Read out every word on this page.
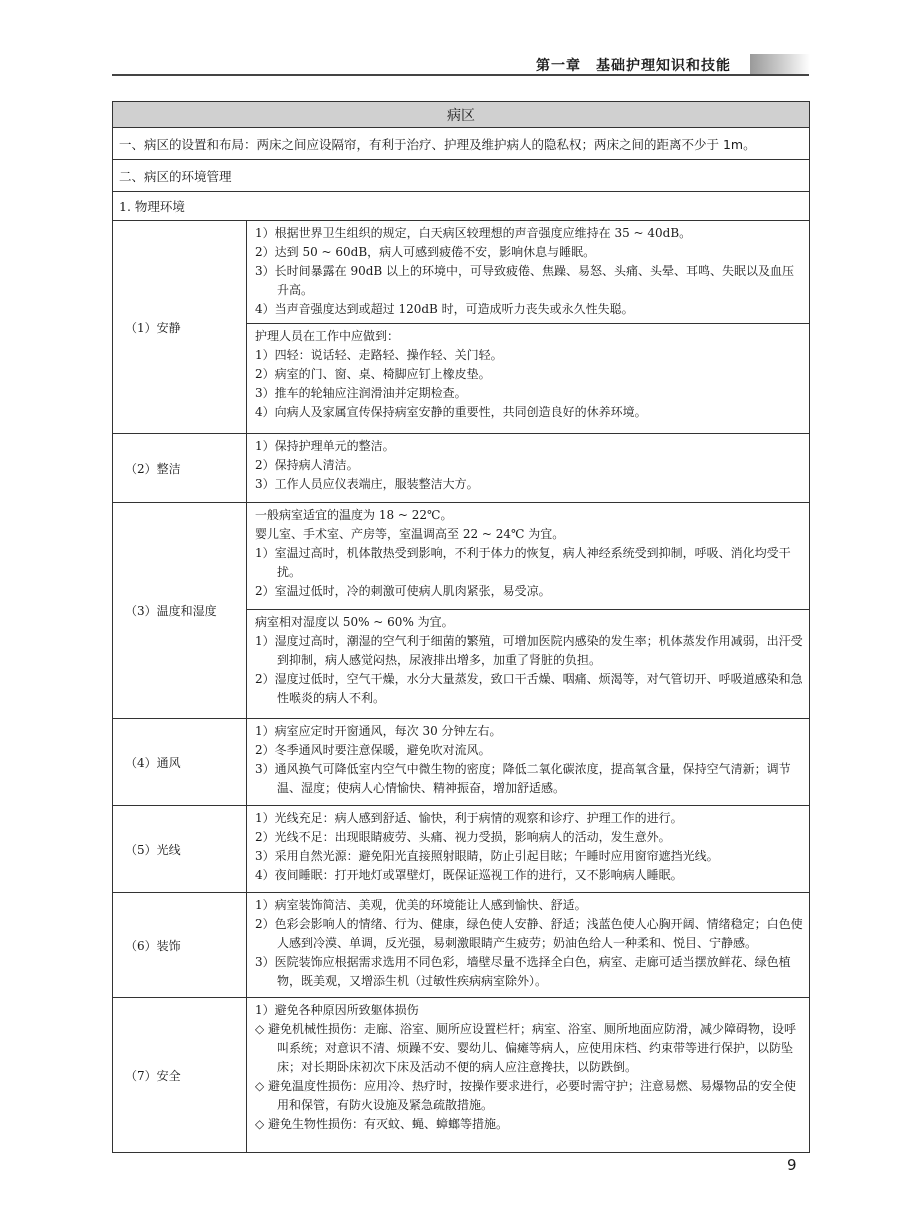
第一章　基础护理知识和技能
病区	
一、病区的设置和布局：两床之间应设隔帘，有利于治疗、护理及维护病人的隐私权；两床之间的距离不少于 1m。	
二、病区的环境管理	
1. 物理环境	
（1）安静	1）根据世界卫生组织的规定，白天病区较理想的声音强度应维持在 35 ~ 40dB。
2）达到 50 ~ 60dB，病人可感到疲倦不安，影响休息与睡眠。
3）长时间暴露在 90dB 以上的环境中，可导致疲倦、焦躁、易怒、头痛、头晕、耳鸣、失眠以及血压升高。
4）当声音强度达到或超过 120dB 时，可造成听力丧失或永久性失聪。

	护理人员在工作中应做到：
1）四轻：说话轻、走路轻、操作轻、关门轻。
2）病室的门、窗、桌、椅脚应钉上橡皮垫。
3）推车的轮轴应注润滑油并定期检查。
4）向病人及家属宣传保持病室安静的重要性，共同创造良好的休养环境。

（2）整洁	1）保持护理单元的整洁。
2）保持病人清洁。
3）工作人员应仪表端庄，服装整洁大方。

（3）温度和湿度	一般病室适宜的温度为 18 ~ 22℃。
婴儿室、手术室、产房等，室温调高至 22 ~ 24℃ 为宜。
1）室温过高时，机体散热受到影响，不利于体力的恢复，病人神经系统受到抑制，呼吸、消化均受干扰。
2）室温过低时，冷的刺激可使病人肌肉紧张，易受凉。

	病室相对湿度以 50% ~ 60% 为宜。
1）湿度过高时，潮湿的空气利于细菌的繁殖，可增加医院内感染的发生率；机体蒸发作用减弱，出汗受到抑制，病人感觉闷热，尿液排出增多，加重了肾脏的负担。
2）湿度过低时，空气干燥，水分大量蒸发，致口干舌燥、咽痛、烦渴等，对气管切开、呼吸道感染和急性喉炎的病人不利。

（4）通风	1）病室应定时开窗通风，每次 30 分钟左右。
2）冬季通风时要注意保暖，避免吹对流风。
3）通风换气可降低室内空气中微生物的密度；降低二氧化碳浓度，提高氧含量，保持空气清新；调节温、湿度；使病人心情愉快、精神振奋，增加舒适感。

（5）光线	1）光线充足：病人感到舒适、愉快，利于病情的观察和诊疗、护理工作的进行。
2）光线不足：出现眼睛疲劳、头痛、视力受损，影响病人的活动，发生意外。
3）采用自然光源：避免阳光直接照射眼睛，防止引起目眩；午睡时应用窗帘遮挡光线。
4）夜间睡眠：打开地灯或罩壁灯，既保证巡视工作的进行，又不影响病人睡眠。

（6）装饰	1）病室装饰简洁、美观，优美的环境能让人感到愉快、舒适。
2）色彩会影响人的情绪、行为、健康，绿色使人安静、舒适；浅蓝色使人心胸开阔、情绪稳定；白色使人感到冷漠、单调，反光强，易刺激眼睛产生疲劳；奶油色给人一种柔和、悦目、宁静感。
3）医院装饰应根据需求选用不同色彩，墙壁尽量不选择全白色，病室、走廊可适当摆放鲜花、绿色植物，既美观，又增添生机（过敏性疾病病室除外）。

（7）安全	1）避免各种原因所致躯体损伤
◇ 避免机械性损伤：走廊、浴室、厕所应设置栏杆；病室、浴室、厕所地面应防滑，减少障碍物，设呼叫系统；对意识不清、烦躁不安、婴幼儿、偏瘫等病人，应使用床档、约束带等进行保护，以防坠床；对长期卧床初次下床及活动不便的病人应注意搀扶，以防跌倒。
◇ 避免温度性损伤：应用冷、热疗时，按操作要求进行，必要时需守护；注意易燃、易爆物品的安全使用和保管，有防火设施及紧急疏散措施。
◇ 避免生物性损伤：有灭蚊、蝇、蟑螂等措施。
9
